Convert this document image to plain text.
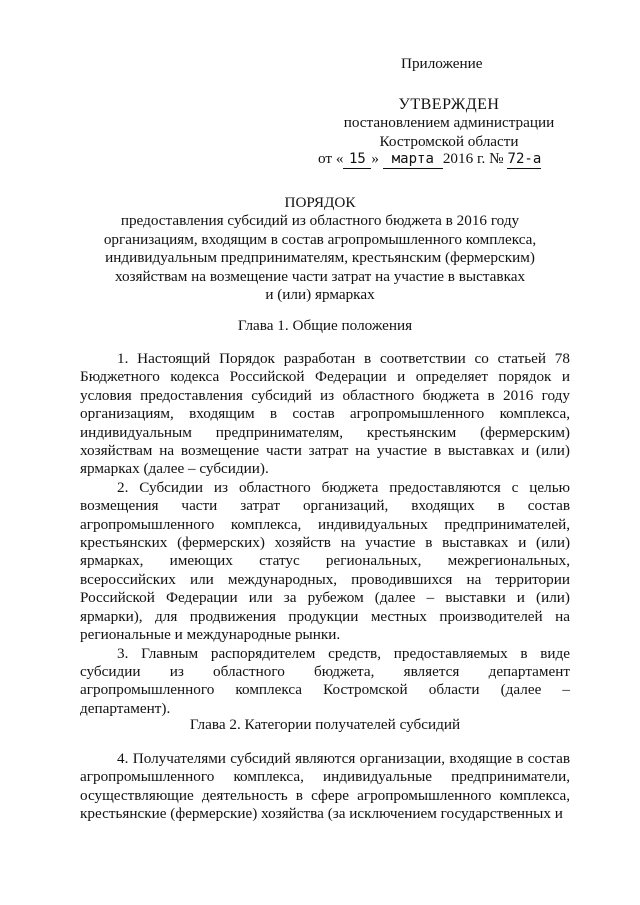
Приложение
УТВЕРЖДЕН
постановлением администрации
Костромской области
от « 15 » марта 2016 г. № 72-а
ПОРЯДОК
предоставления субсидий из областного бюджета в 2016 году
организациям, входящим в состав агропромышленного комплекса,
индивидуальным предпринимателям, крестьянским (фермерским)
хозяйствам на возмещение части затрат на участие в выставках
и (или) ярмарках
Глава 1. Общие положения

1. Настоящий Порядок разработан в соответствии со статьей 78 Бюджетного кодекса Российской Федерации и определяет порядок и условия предоставления субсидий из областного бюджета в 2016 году организациям, входящим в состав агропромышленного комплекса, индивидуальным предпринимателям, крестьянским (фермерским) хозяйствам на возмещение части затрат на участие в выставках и (или) ярмарках (далее – субсидии).

2. Субсидии из областного бюджета предоставляются с целью возмещения части затрат организаций, входящих в состав агропромышленного комплекса, индивидуальных предпринимателей, крестьянских (фермерских) хозяйств на участие в выставках и (или) ярмарках, имеющих статус региональных, межрегиональных, всероссийских или международных, проводившихся на территории Российской Федерации или за рубежом (далее – выставки и (или) ярмарки), для продвижения продукции местных производителей на региональные и международные рынки.

3. Главным распорядителем средств, предоставляемых в виде субсидии из областного бюджета, является департамент агропромышленного комплекса Костромской области (далее – департамент).

Глава 2. Категории получателей субсидий

4. Получателями субсидий являются организации, входящие в состав агропромышленного комплекса, индивидуальные предприниматели, осуществляющие деятельность в сфере агропромышленного комплекса, крестьянские (фермерские) хозяйства (за исключением государственных и
